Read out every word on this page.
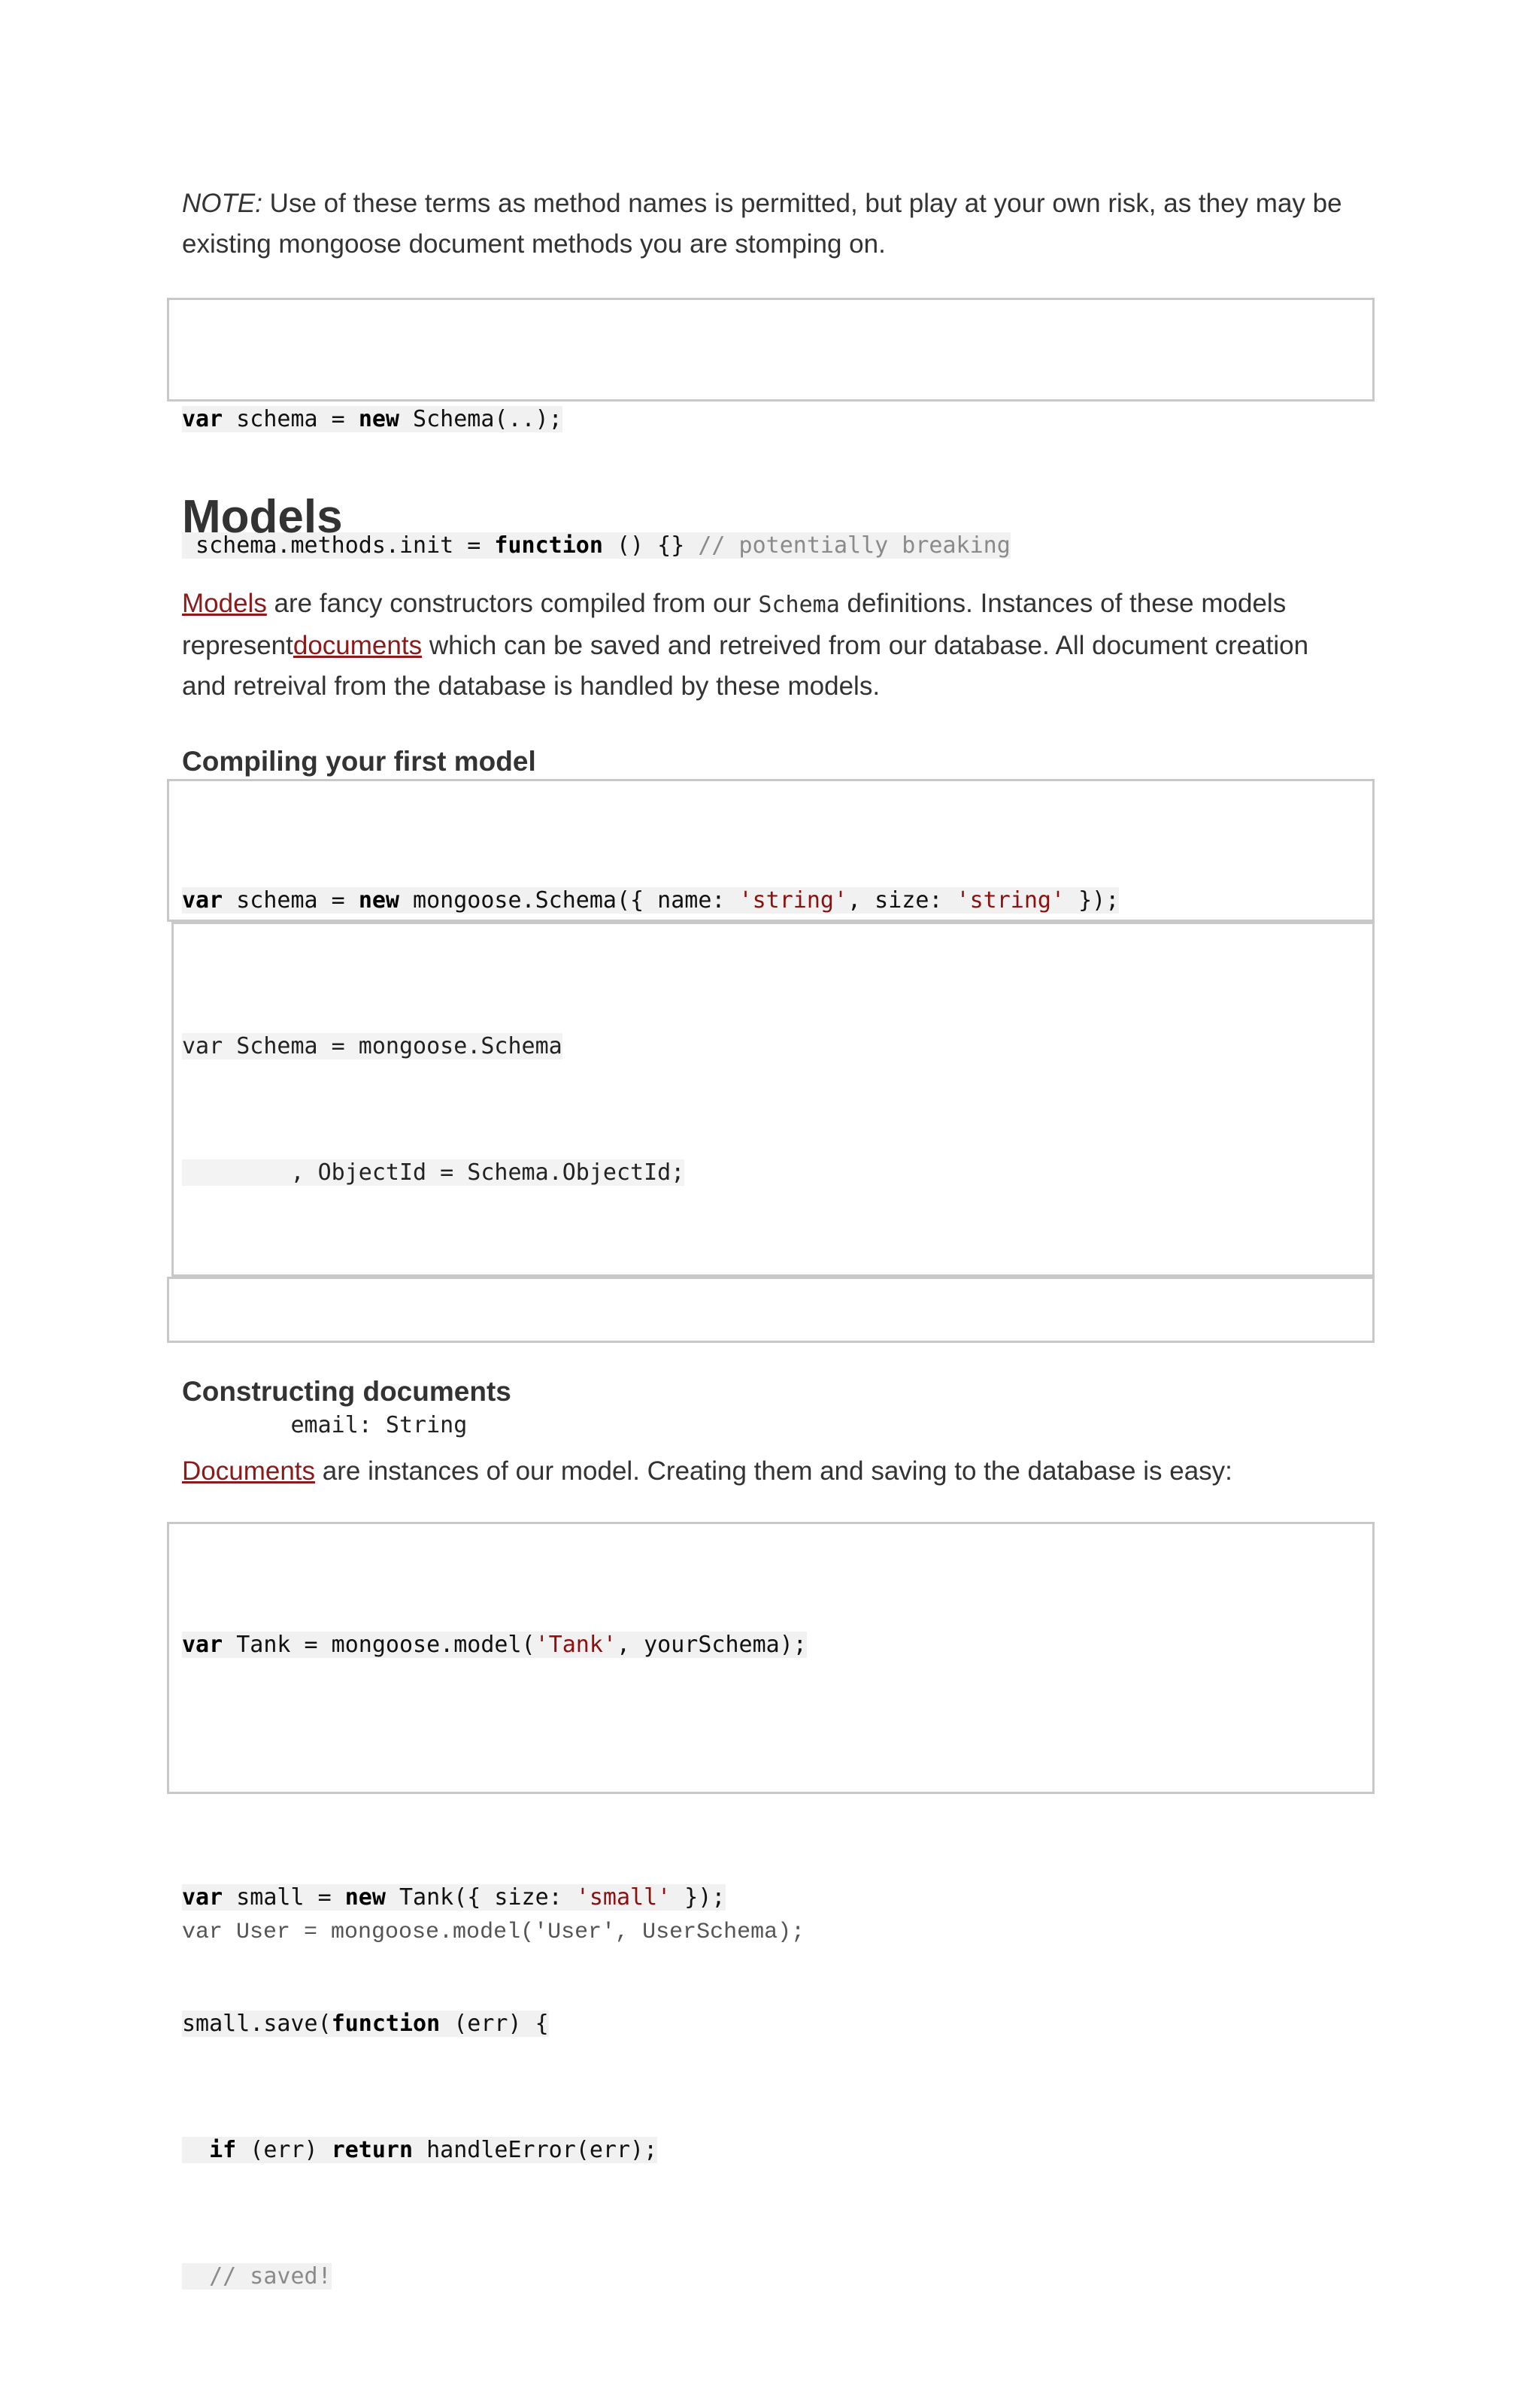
NOTE: Use of these terms as method names is permitted, but play at your own risk, as they may be
existing mongoose document methods you are stomping on.

var schema = new Schema(..);

schema.methods.init = function () {} // potentially breaking

Models

Models are fancy constructors compiled from our Schema definitions. Instances of these models
representdocuments which can be saved and retreived from our database. All document creation
and retreival from the database is handled by these models.

Compiling your first model

var schema = new mongoose.Schema({ name: 'string', size: 'string' });

var Schema = mongoose.Schema

, ObjectId = Schema.ObjectId;

email: String

var User = mongoose.model('User', UserSchema);

Constructing documents

Documents are instances of our model. Creating them and saving to the database is easy:

var Tank = mongoose.model('Tank', yourSchema);

var small = new Tank({ size: 'small' });

small.save(function (err) {

if (err) return handleError(err);

// saved!
